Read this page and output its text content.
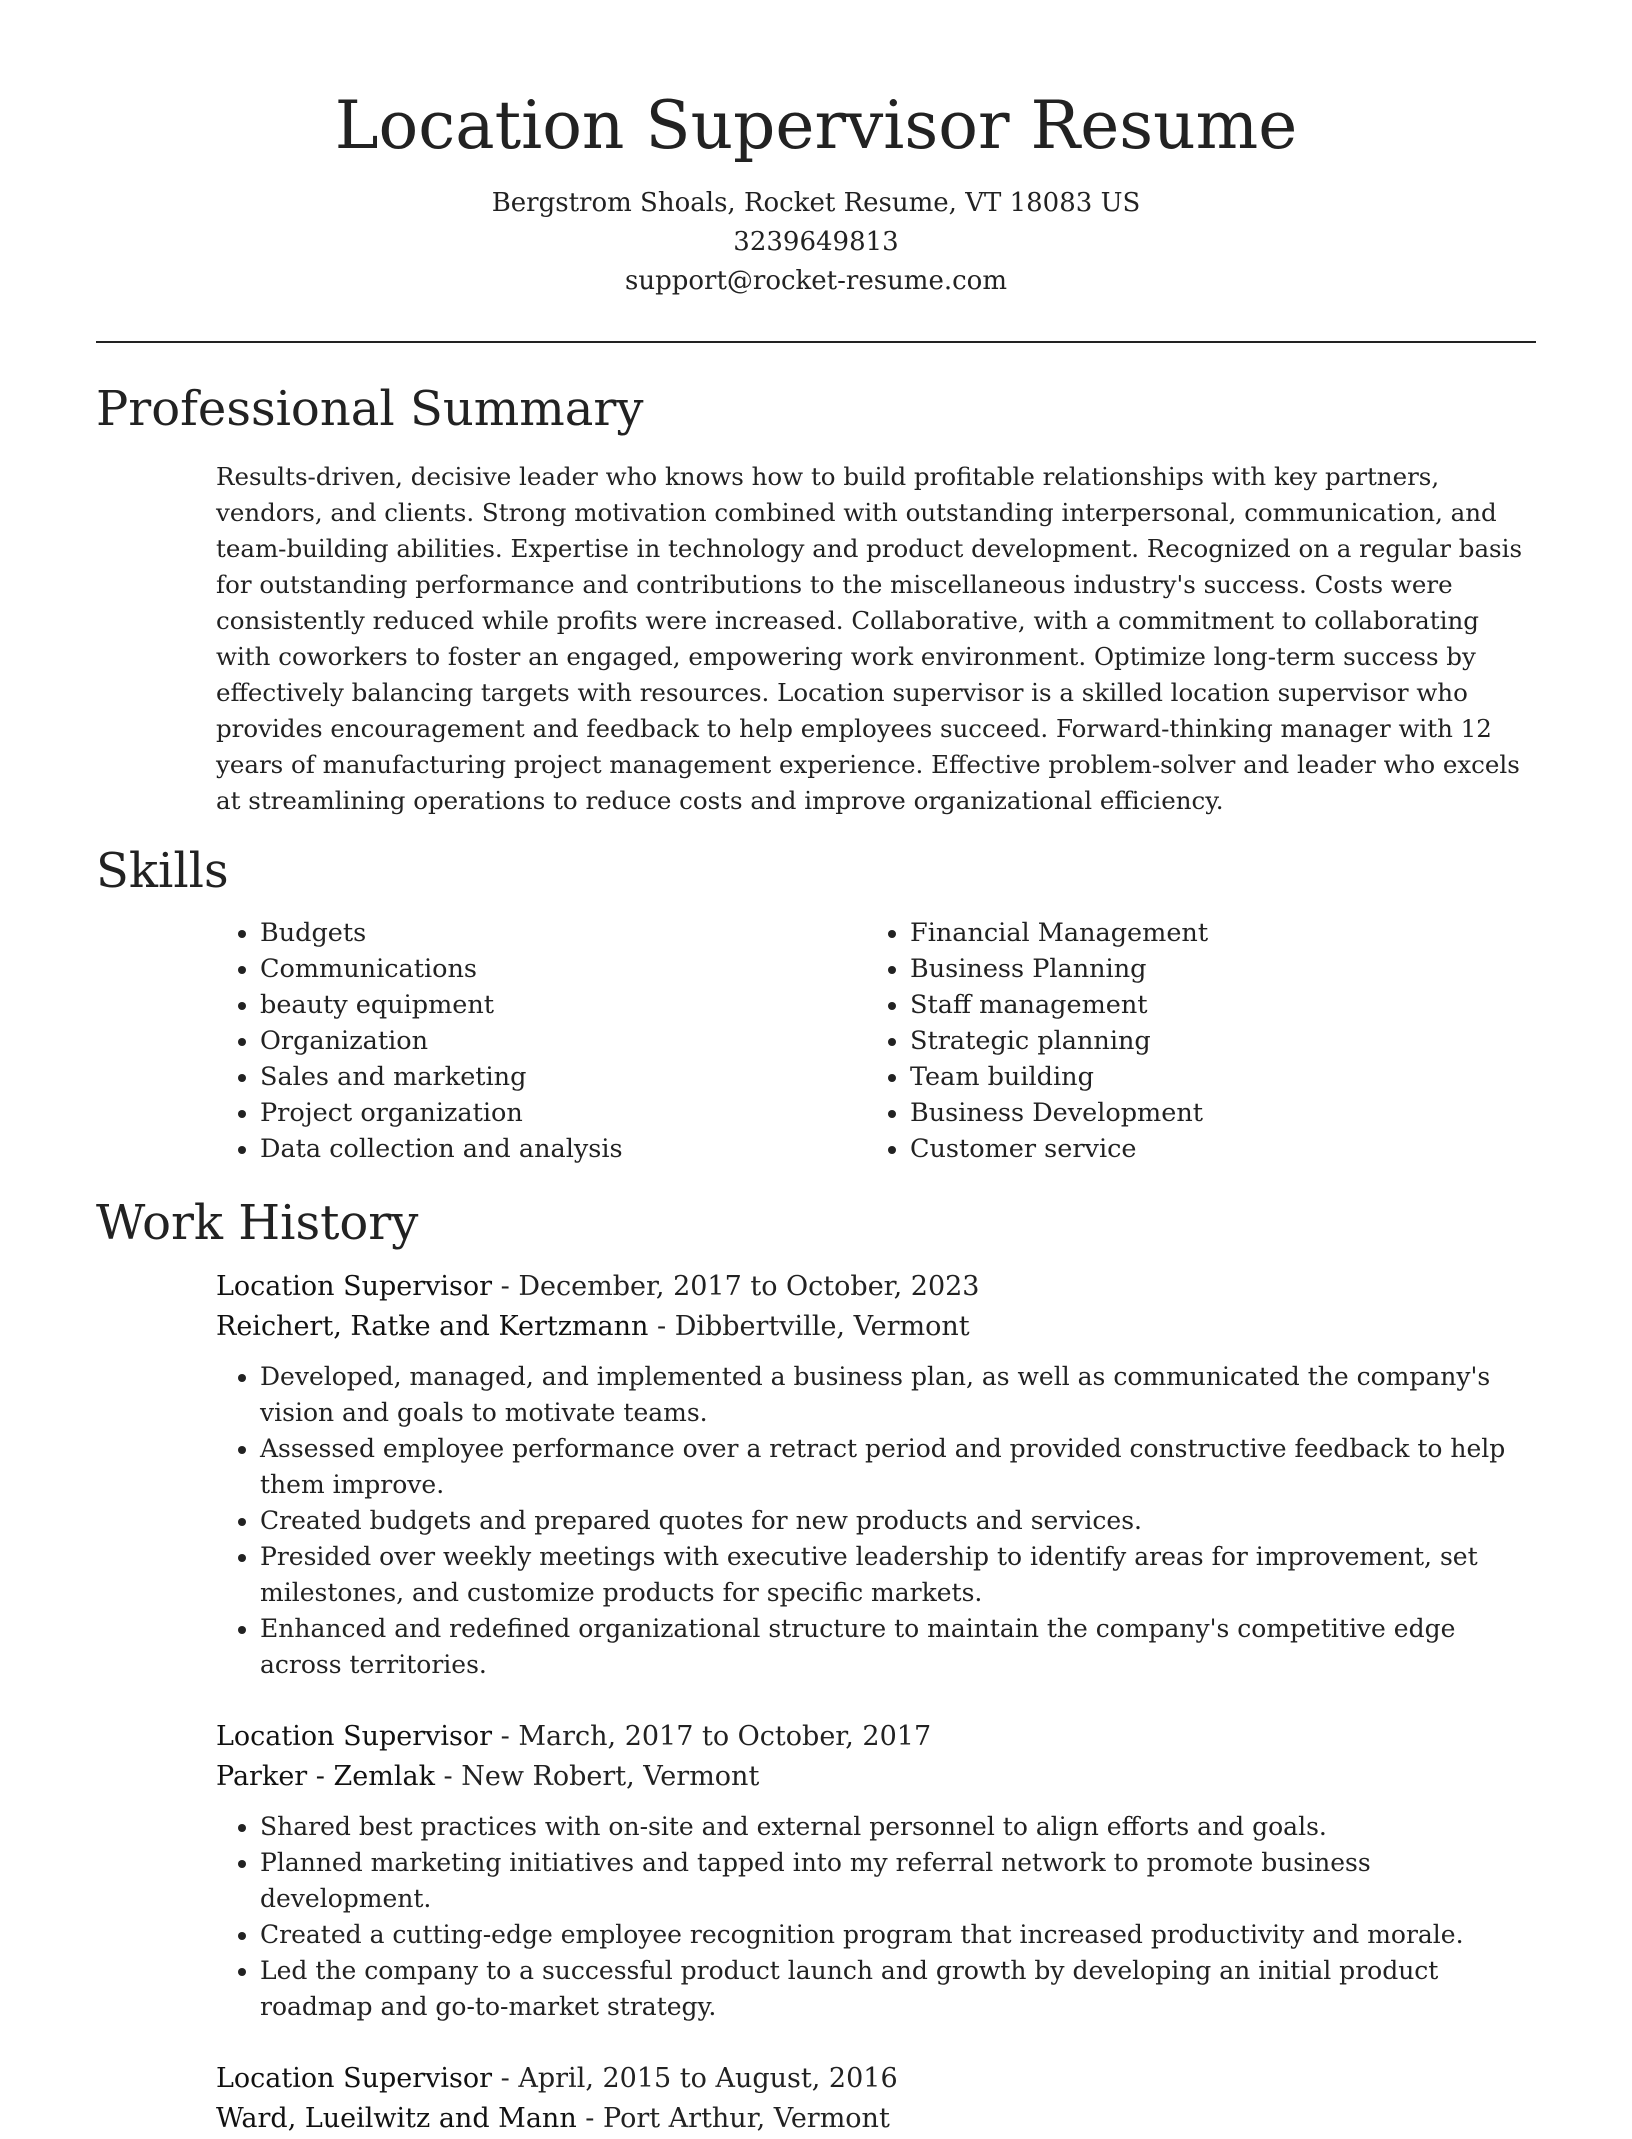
Location Supervisor Resume
Bergstrom Shoals, Rocket Resume, VT 18083 US
3239649813
support@rocket-resume.com
Professional Summary

Results-driven, decisive leader who knows how to build profitable relationships with key partners, vendors, and clients. Strong motivation combined with outstanding interpersonal, communication, and team-building abilities. Expertise in technology and product development. Recognized on a regular basis for outstanding performance and contributions to the miscellaneous industry's success. Costs were consistently reduced while profits were increased. Collaborative, with a commitment to collaborating with coworkers to foster an engaged, empowering work environment. Optimize long-term success by effectively balancing targets with resources. Location supervisor is a skilled location supervisor who provides encouragement and feedback to help employees succeed. Forward-thinking manager with 12 years of manufacturing project management experience. Effective problem-solver and leader who excels at streamlining operations to reduce costs and improve organizational efficiency.

Skills
• Budgets
• Communications
• beauty equipment
• Organization
• Sales and marketing
• Project organization
• Data collection and analysis
• Financial Management
• Business Planning
• Staff management
• Strategic planning
• Team building
• Business Development
• Customer service
Work History
Location Supervisor - December, 2017 to October, 2023
Reichert, Ratke and Kertzmann - Dibbertville, Vermont
• Developed, managed, and implemented a business plan, as well as communicated the company's vision and goals to motivate teams.
• Assessed employee performance over a retract period and provided constructive feedback to help them improve.
• Created budgets and prepared quotes for new products and services.
• Presided over weekly meetings with executive leadership to identify areas for improvement, set milestones, and customize products for specific markets.
• Enhanced and redefined organizational structure to maintain the company's competitive edge across territories.
Location Supervisor - March, 2017 to October, 2017
Parker - Zemlak - New Robert, Vermont
• Shared best practices with on-site and external personnel to align efforts and goals.
• Planned marketing initiatives and tapped into my referral network to promote business development.
• Created a cutting-edge employee recognition program that increased productivity and morale.
• Led the company to a successful product launch and growth by developing an initial product roadmap and go-to-market strategy.
Location Supervisor - April, 2015 to August, 2016
Ward, Lueilwitz and Mann - Port Arthur, Vermont
